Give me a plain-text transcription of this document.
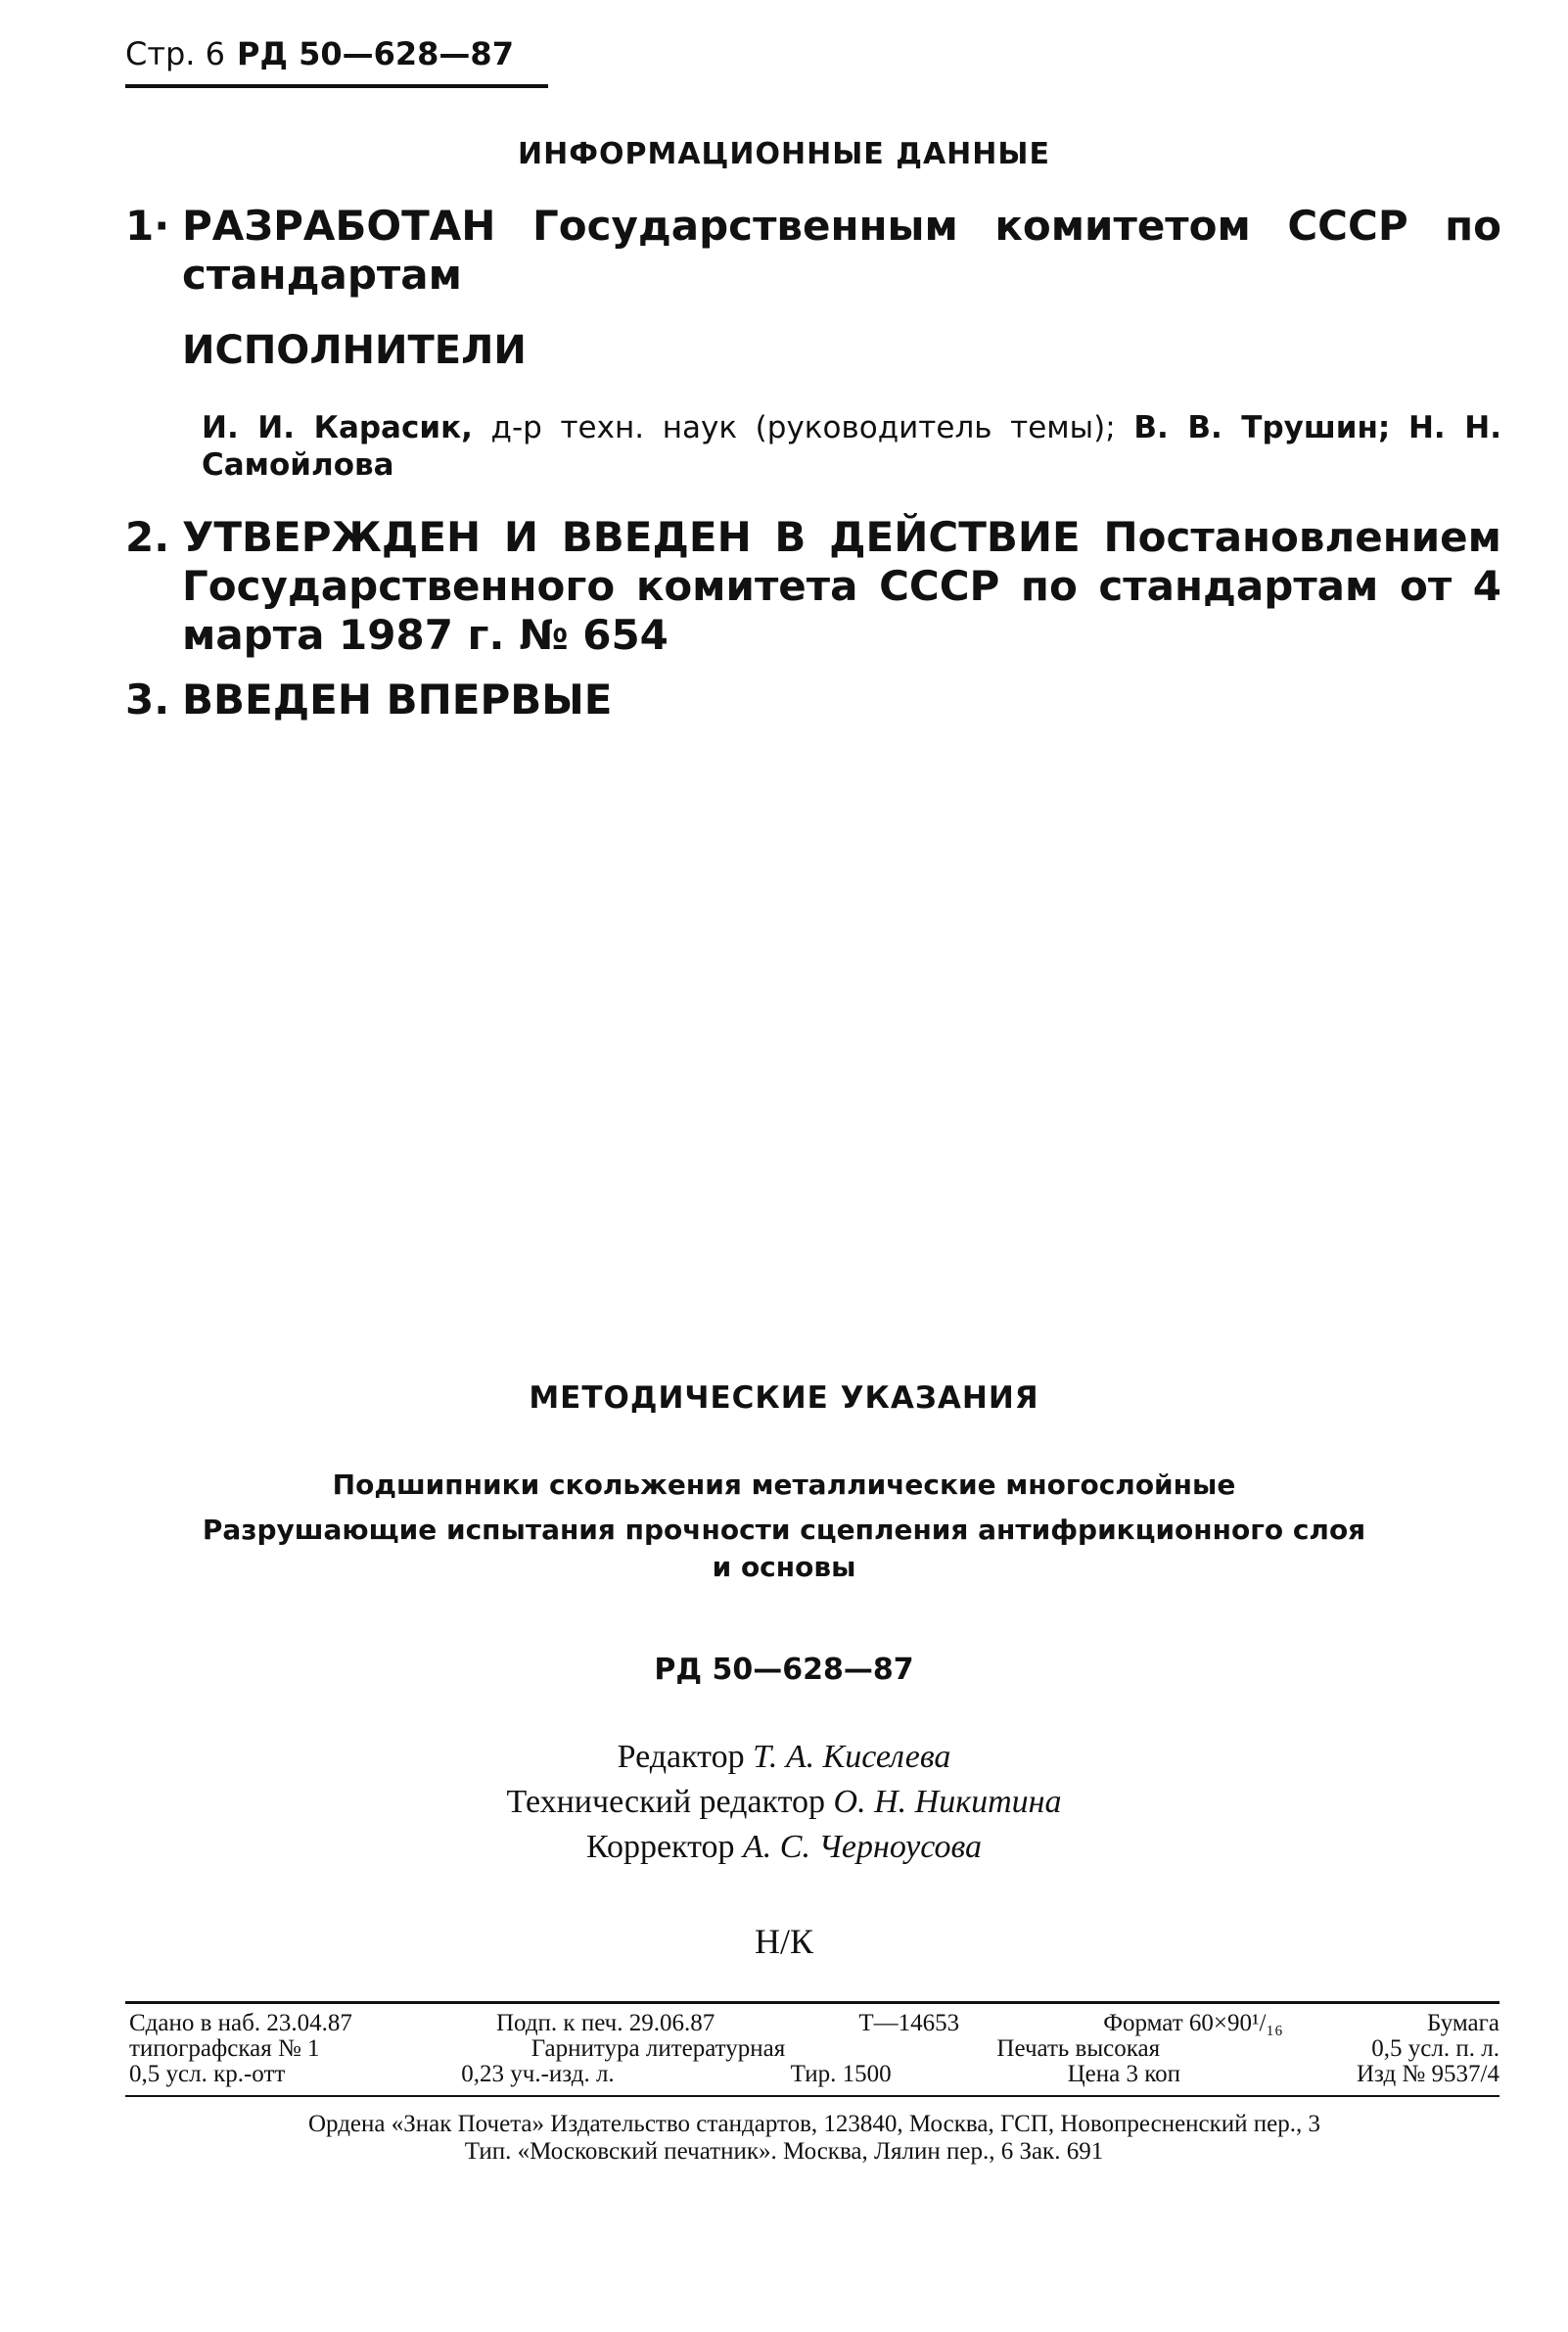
Стр. 6 РД 50—628—87
ИНФОРМАЦИОННЫЕ ДАННЫЕ
1· РАЗРАБОТАН Государственным комитетом СССР по стандартам
ИСПОЛНИТЕЛИ
И. И. Карасик, д-р техн. наук (руководитель темы); В. В. Трушин; Н. Н. Самойлова
2. УТВЕРЖДЕН И ВВЕДЕН В ДЕЙСТВИЕ Постановлением Государственного комитета СССР по стандартам от 4 марта 1987 г. № 654
3. ВВЕДЕН ВПЕРВЫЕ
МЕТОДИЧЕСКИЕ УКАЗАНИЯ
Подшипники скольжения металлические многослойные
Разрушающие испытания прочности сцепления антифрикционного слоя
и основы
РД 50—628—87
Редактор Т. А. Киселева
Технический редактор О. Н. Никитина
Корректор А. С. Черноусова
Н/К
Сдано в наб. 23.04.87	Подп. к печ. 29.06.87	Т—14653	Формат 60×90¹/₁₆	Бумага
типографская № 1	Гарнитура литературная	Печать высокая	0,5 усл. п. л.
0,5 усл. кр.-отт	0,23 уч.-изд. л.	Тир. 1500	Цена 3 коп	Изд № 9537/4
Ордена «Знак Почета» Издательство стандартов, 123840, Москва, ГСП, Новопресненский пер., 3
Тип. «Московский печатник». Москва, Лялин пер., 6 Зак. 691
